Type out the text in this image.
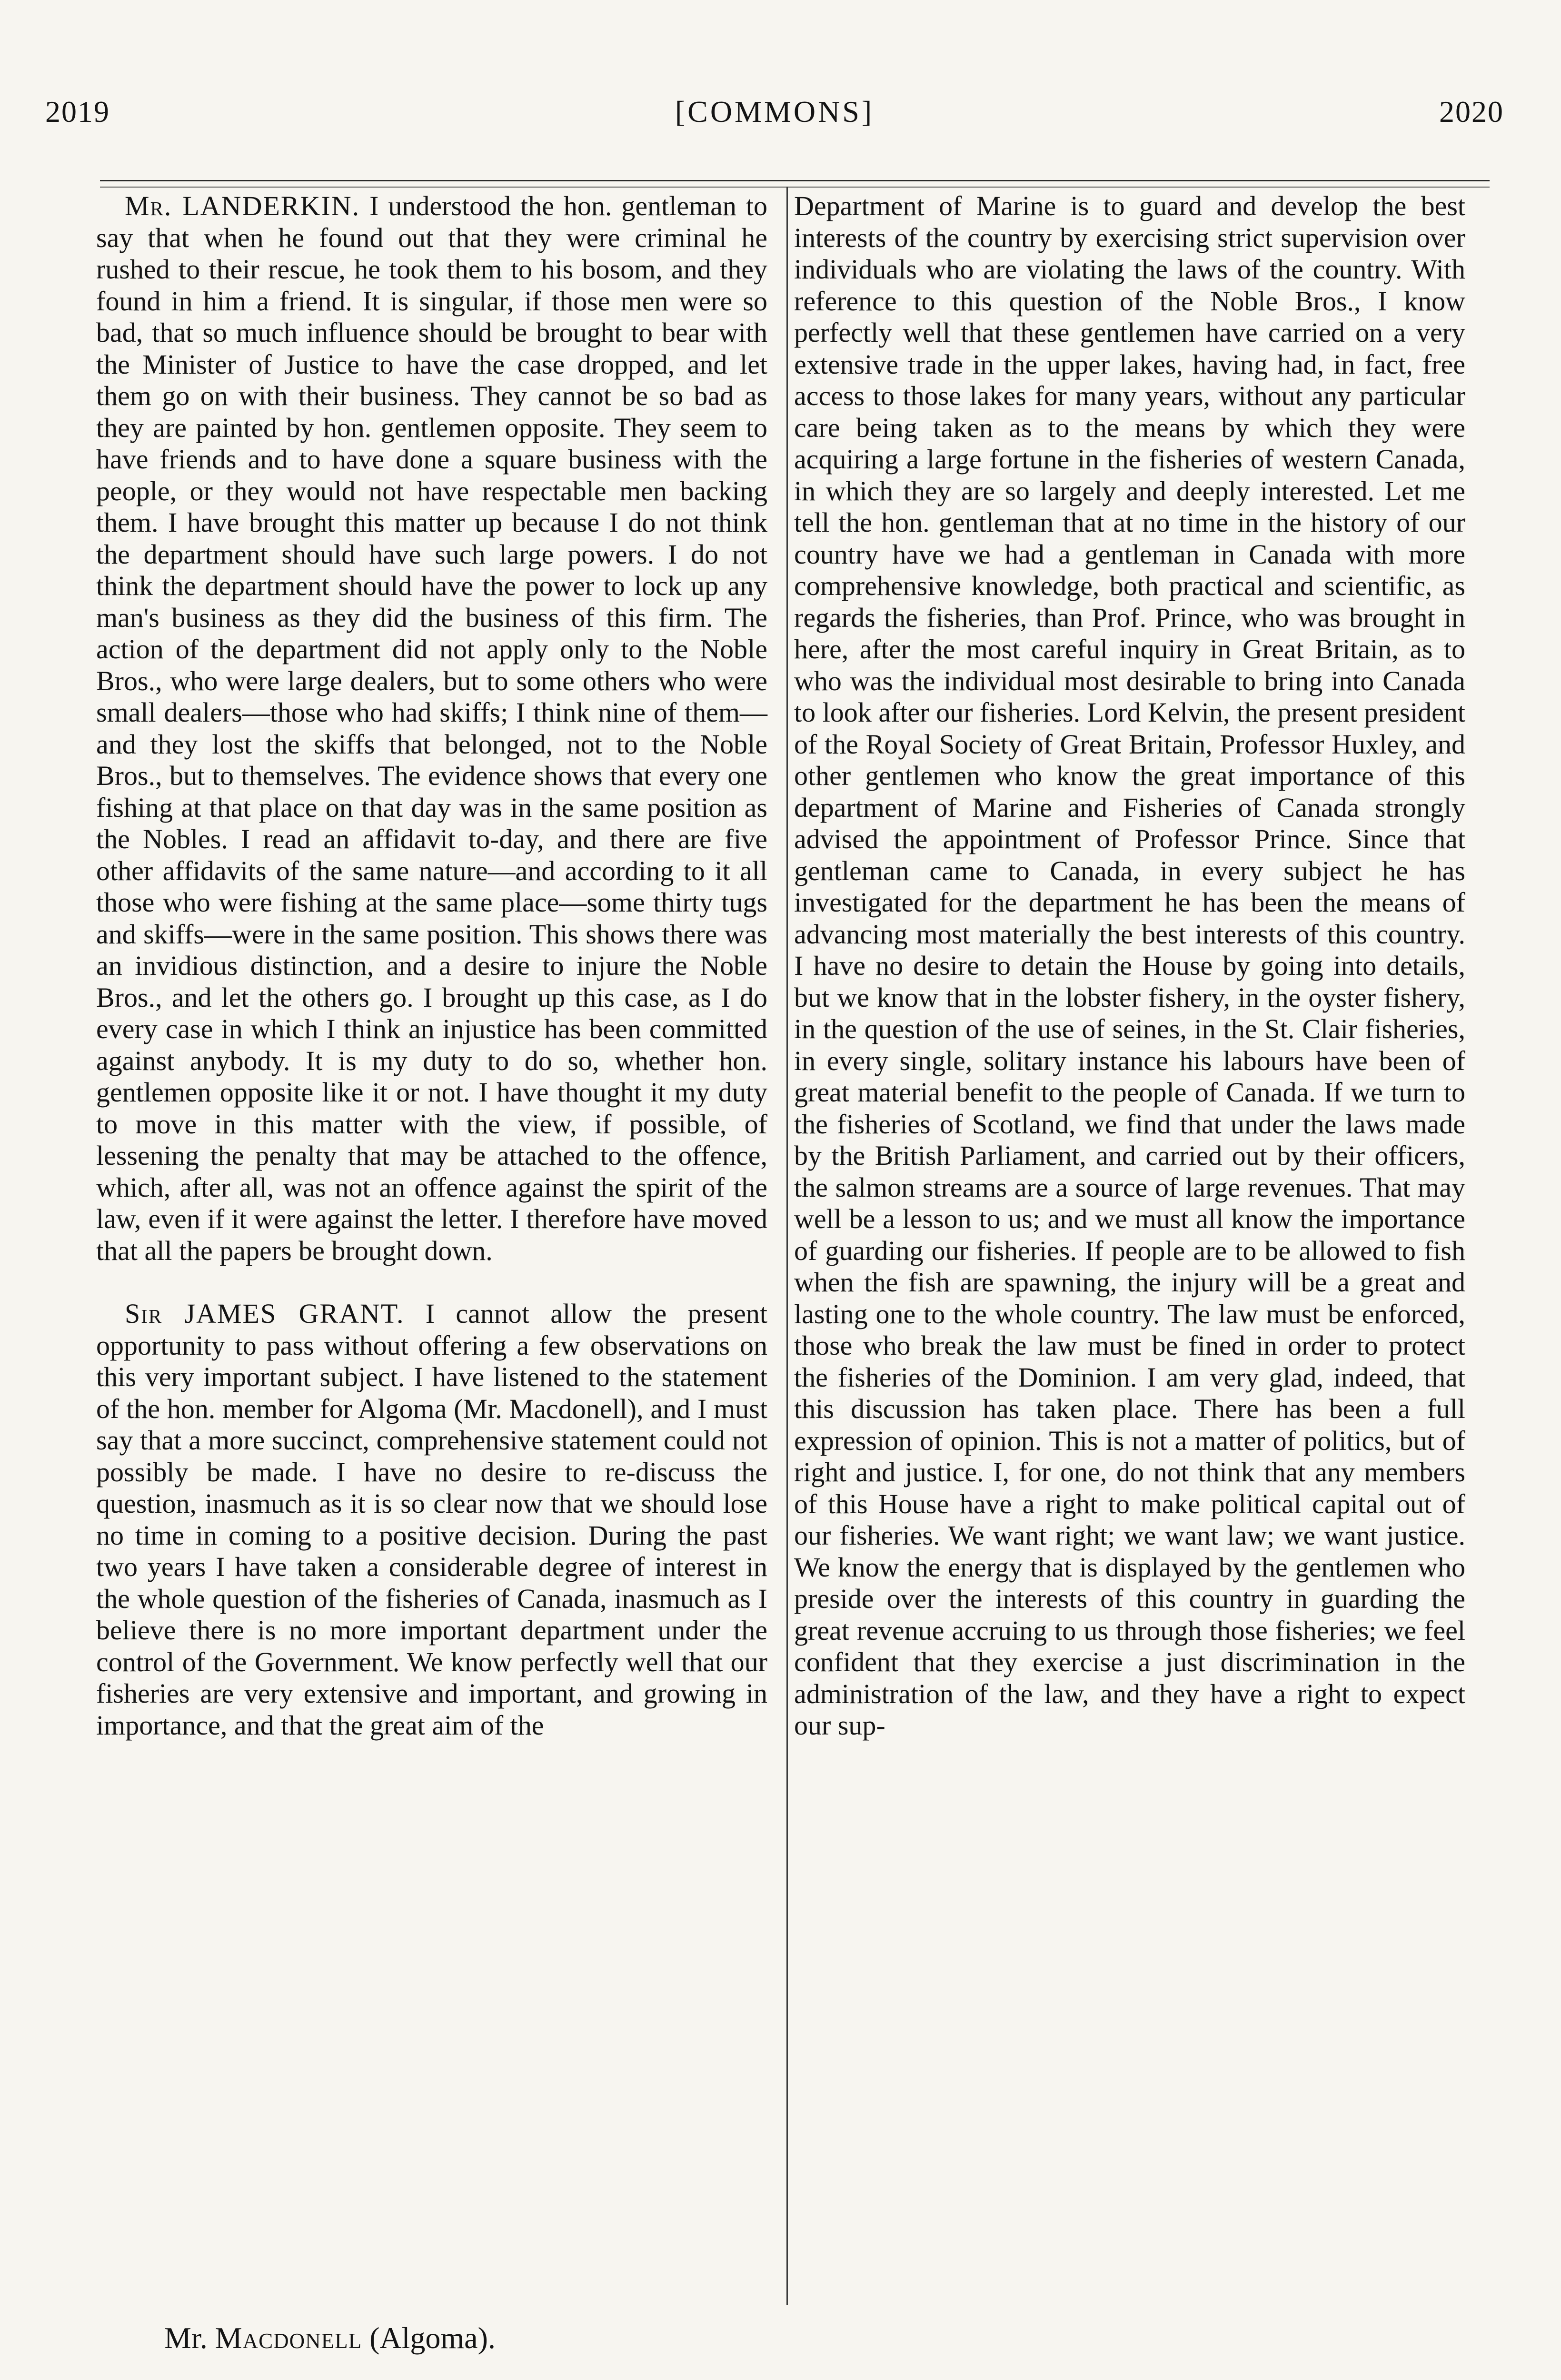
2019	[COMMONS]	2020

Mr. LANDERKIN. I understood the hon. gentleman to say that when he found out that they were criminal he rushed to their rescue, he took them to his bosom, and they found in him a friend. It is singular, if those men were so bad, that so much influence should be brought to bear with the Minister of Justice to have the case dropped, and let them go on with their business. They cannot be so bad as they are painted by hon. gentlemen opposite. They seem to have friends and to have done a square business with the people, or they would not have respectable men backing them. I have brought this matter up because I do not think the department should have such large powers. I do not think the department should have the power to lock up any man's business as they did the business of this firm. The action of the department did not apply only to the Noble Bros., who were large dealers, but to some others who were small dealers—those who had skiffs; I think nine of them—and they lost the skiffs that belonged, not to the Noble Bros., but to themselves. The evidence shows that every one fishing at that place on that day was in the same position as the Nobles. I read an affidavit to-day, and there are five other affidavits of the same nature—and according to it all those who were fishing at the same place—some thirty tugs and skiffs—were in the same position. This shows there was an invidious distinction, and a desire to injure the Noble Bros., and let the others go. I brought up this case, as I do every case in which I think an injustice has been committed against anybody. It is my duty to do so, whether hon. gentlemen opposite like it or not. I have thought it my duty to move in this matter with the view, if possible, of lessening the penalty that may be attached to the offence, which, after all, was not an offence against the spirit of the law, even if it were against the letter. I therefore have moved that all the papers be brought down.

Sir JAMES GRANT. I cannot allow the present opportunity to pass without offering a few observations on this very important subject. I have listened to the statement of the hon. member for Algoma (Mr. Macdonell), and I must say that a more succinct, comprehensive statement could not possibly be made. I have no desire to re-discuss the question, inasmuch as it is so clear now that we should lose no time in coming to a positive decision. During the past two years I have taken a considerable degree of interest in the whole question of the fisheries of Canada, inasmuch as I believe there is no more important department under the control of the Government. We know perfectly well that our fisheries are very extensive and important, and growing in importance, and that the great aim of the

Department of Marine is to guard and develop the best interests of the country by exercising strict supervision over individuals who are violating the laws of the country. With reference to this question of the Noble Bros., I know perfectly well that these gentlemen have carried on a very extensive trade in the upper lakes, having had, in fact, free access to those lakes for many years, without any particular care being taken as to the means by which they were acquiring a large fortune in the fisheries of western Canada, in which they are so largely and deeply interested. Let me tell the hon. gentleman that at no time in the history of our country have we had a gentleman in Canada with more comprehensive knowledge, both practical and scientific, as regards the fisheries, than Prof. Prince, who was brought in here, after the most careful inquiry in Great Britain, as to who was the individual most desirable to bring into Canada to look after our fisheries. Lord Kelvin, the present president of the Royal Society of Great Britain, Professor Huxley, and other gentlemen who know the great importance of this department of Marine and Fisheries of Canada strongly advised the appointment of Professor Prince. Since that gentleman came to Canada, in every subject he has investigated for the department he has been the means of advancing most materially the best interests of this country. I have no desire to detain the House by going into details, but we know that in the lobster fishery, in the oyster fishery, in the question of the use of seines, in the St. Clair fisheries, in every single, solitary instance his labours have been of great material benefit to the people of Canada. If we turn to the fisheries of Scotland, we find that under the laws made by the British Parliament, and carried out by their officers, the salmon streams are a source of large revenues. That may well be a lesson to us; and we must all know the importance of guarding our fisheries. If people are to be allowed to fish when the fish are spawning, the injury will be a great and lasting one to the whole country. The law must be enforced, those who break the law must be fined in order to protect the fisheries of the Dominion. I am very glad, indeed, that this discussion has taken place. There has been a full expression of opinion. This is not a matter of politics, but of right and justice. I, for one, do not think that any members of this House have a right to make political capital out of our fisheries. We want right; we want law; we want justice. We know the energy that is displayed by the gentlemen who preside over the interests of this country in guarding the great revenue accruing to us through those fisheries; we feel confident that they exercise a just discrimination in the administration of the law, and they have a right to expect our sup-

Mr. Macdonell (Algoma).
